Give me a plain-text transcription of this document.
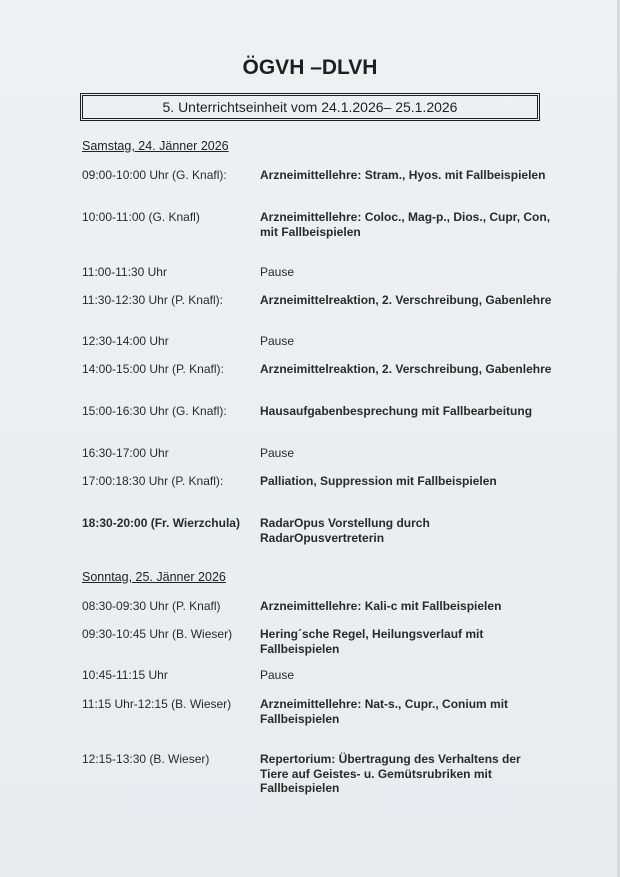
ÖGVH –DLVH
5. Unterrichtseinheit vom 24.1.2026– 25.1.2026
Samstag, 24. Jänner 2026
09:00-10:00 Uhr (G. Knafl):	Arzneimittellehre: Stram., Hyos. mit Fallbeispielen
10:00-11:00 (G. Knafl)	Arzneimittellehre: Coloc., Mag-p., Dios., Cupr, Con, mit Fallbeispielen
11:00-11:30 Uhr	Pause
11:30-12:30 Uhr (P. Knafl):	Arzneimittelreaktion, 2. Verschreibung, Gabenlehre
12:30-14:00 Uhr	Pause
14:00-15:00 Uhr (P. Knafl):	Arzneimittelreaktion, 2. Verschreibung, Gabenlehre
15:00-16:30 Uhr (G. Knafl):	Hausaufgabenbesprechung mit Fallbearbeitung
16:30-17:00 Uhr	Pause
17:00:18:30 Uhr (P. Knafl):	Palliation, Suppression mit Fallbeispielen
18:30-20:00 (Fr. Wierzchula)	RadarOpus Vorstellung durch RadarOpusvertreterin
Sonntag, 25. Jänner 2026
08:30-09:30 Uhr (P. Knafl)	Arzneimittellehre: Kali-c mit Fallbeispielen
09:30-10:45 Uhr (B. Wieser)	Hering´sche Regel, Heilungsverlauf mit Fallbeispielen
10:45-11:15 Uhr	Pause
11:15 Uhr-12:15 (B. Wieser)	Arzneimittellehre: Nat-s., Cupr., Conium mit Fallbeispielen
12:15-13:30 (B. Wieser)	Repertorium: Übertragung des Verhaltens der Tiere auf Geistes- u. Gemütsrubriken mit Fallbeispielen
